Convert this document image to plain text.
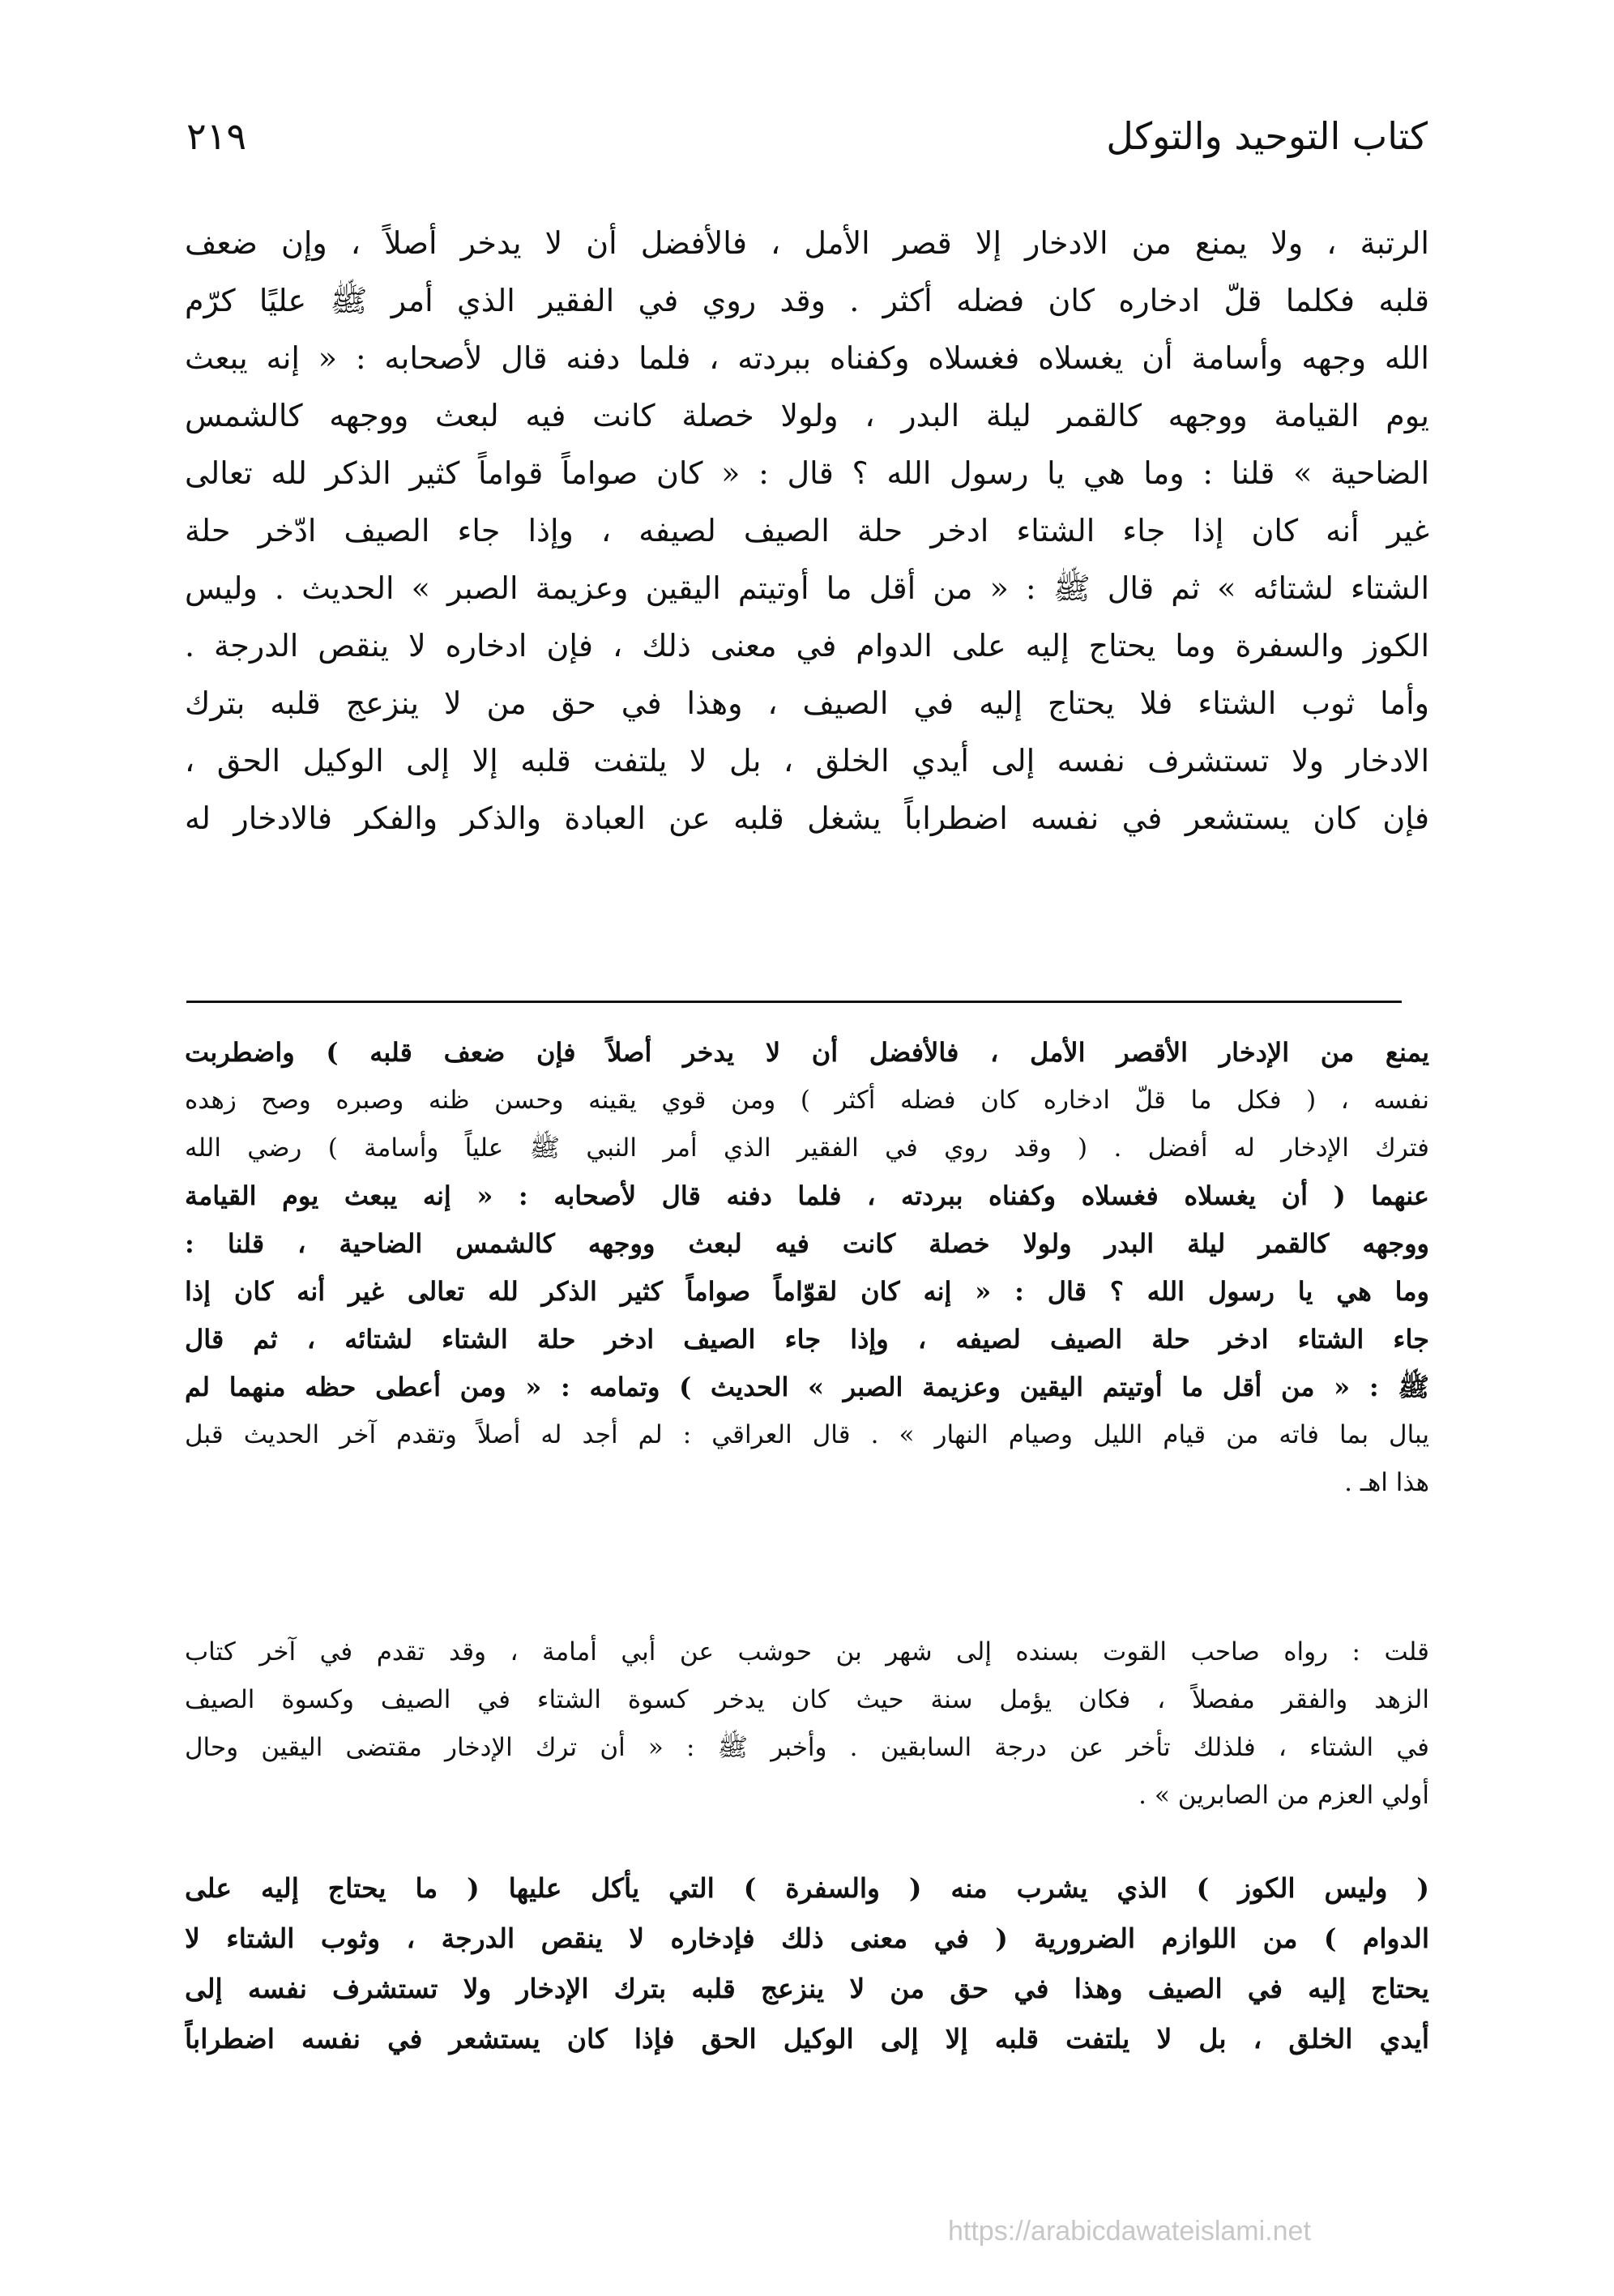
كتاب التوحيد والتوكل
٢١٩
الرتبة ، ولا يمنع من الادخار إلا قصر الأمل ، فالأفضل أن لا يدخر أصلاً ، وإن ضعف
قلبه فكلما قلّ ادخاره كان فضله أكثر . وقد روي في الفقير الذي أمر ﷺ عليًا كرّم
الله وجهه وأسامة أن يغسلاه فغسلاه وكفناه ببردته ، فلما دفنه قال لأصحابه : « إنه يبعث
يوم القيامة ووجهه كالقمر ليلة البدر ، ولولا خصلة كانت فيه لبعث ووجهه كالشمس
الضاحية » قلنا : وما هي يا رسول الله ؟ قال : « كان صواماً قواماً كثير الذكر لله تعالى
غير أنه كان إذا جاء الشتاء ادخر حلة الصيف لصيفه ، وإذا جاء الصيف ادّخر حلة
الشتاء لشتائه » ثم قال ﷺ : « من أقل ما أوتيتم اليقين وعزيمة الصبر » الحديث . وليس
الكوز والسفرة وما يحتاج إليه على الدوام في معنى ذلك ، فإن ادخاره لا ينقص الدرجة .
وأما ثوب الشتاء فلا يحتاج إليه في الصيف ، وهذا في حق من لا ينزعج قلبه بترك
الادخار ولا تستشرف نفسه إلى أيدي الخلق ، بل لا يلتفت قلبه إلا إلى الوكيل الحق ،
فإن كان يستشعر في نفسه اضطراباً يشغل قلبه عن العبادة والذكر والفكر فالادخار له
يمنع من الإدخار الأقصر الأمل ، فالأفضل أن لا يدخر أصلاً فإن ضعف قلبه ) واضطربت
نفسه ، ( فكل ما قلّ ادخاره كان فضله أكثر ) ومن قوي يقينه وحسن ظنه وصبره وصح زهده
فترك الإدخار له أفضل . ( وقد روي في الفقير الذي أمر النبي ﷺ علياً وأسامة ) رضي الله
عنهما ( أن يغسلاه فغسلاه وكفناه ببردته ، فلما دفنه قال لأصحابه : « إنه يبعث يوم القيامة
ووجهه كالقمر ليلة البدر ولولا خصلة كانت فيه لبعث ووجهه كالشمس الضاحية ، قلنا :
وما هي يا رسول الله ؟ قال : « إنه كان لقوّاماً صواماً كثير الذكر لله تعالى غير أنه كان إذا
جاء الشتاء ادخر حلة الصيف لصيفه ، وإذا جاء الصيف ادخر حلة الشتاء لشتائه ، ثم قال
ﷺ : « من أقل ما أوتيتم اليقين وعزيمة الصبر » الحديث ) وتمامه : « ومن أعطى حظه منهما لم
يبال بما فاته من قيام الليل وصيام النهار » . قال العراقي : لم أجد له أصلاً وتقدم آخر الحديث قبل
هذا اهـ .
قلت : رواه صاحب القوت بسنده إلى شهر بن حوشب عن أبي أمامة ، وقد تقدم في آخر كتاب
الزهد والفقر مفصلاً ، فكان يؤمل سنة حيث كان يدخر كسوة الشتاء في الصيف وكسوة الصيف
في الشتاء ، فلذلك تأخر عن درجة السابقين . وأخبر ﷺ : « أن ترك الإدخار مقتضى اليقين وحال
أولي العزم من الصابرين » .
( وليس الكوز ) الذي يشرب منه ( والسفرة ) التي يأكل عليها ( ما يحتاج إليه على
الدوام ) من اللوازم الضرورية ( في معنى ذلك فإدخاره لا ينقص الدرجة ، وثوب الشتاء لا
يحتاج إليه في الصيف وهذا في حق من لا ينزعج قلبه بترك الإدخار ولا تستشرف نفسه إلى
أيدي الخلق ، بل لا يلتفت قلبه إلا إلى الوكيل الحق فإذا كان يستشعر في نفسه اضطراباً
https://arabicdawateislami.net
